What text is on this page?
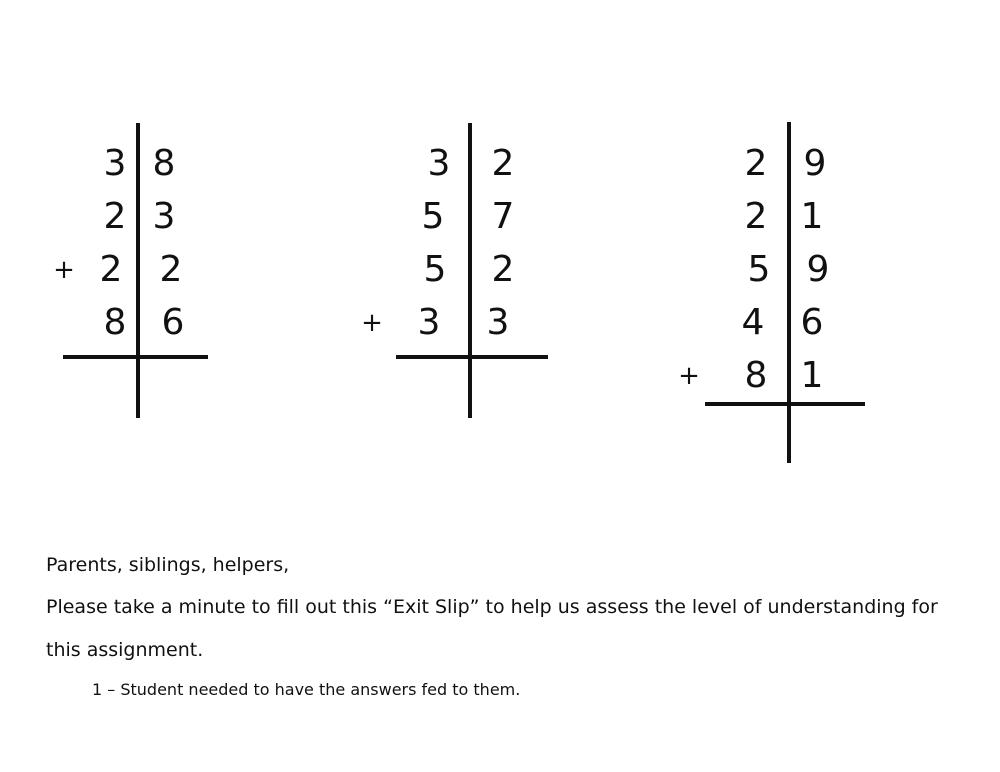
3 8
2 3
+ 2 2
8 6
3 2
5 7
5 2
+ 3 3
2 9
2 1
5 9
4 6
+ 8 1
Parents, siblings, helpers,
Please take a minute to fill out this “Exit Slip” to help us assess the level of understanding for
this assignment.
1 – Student needed to have the answers fed to them.
